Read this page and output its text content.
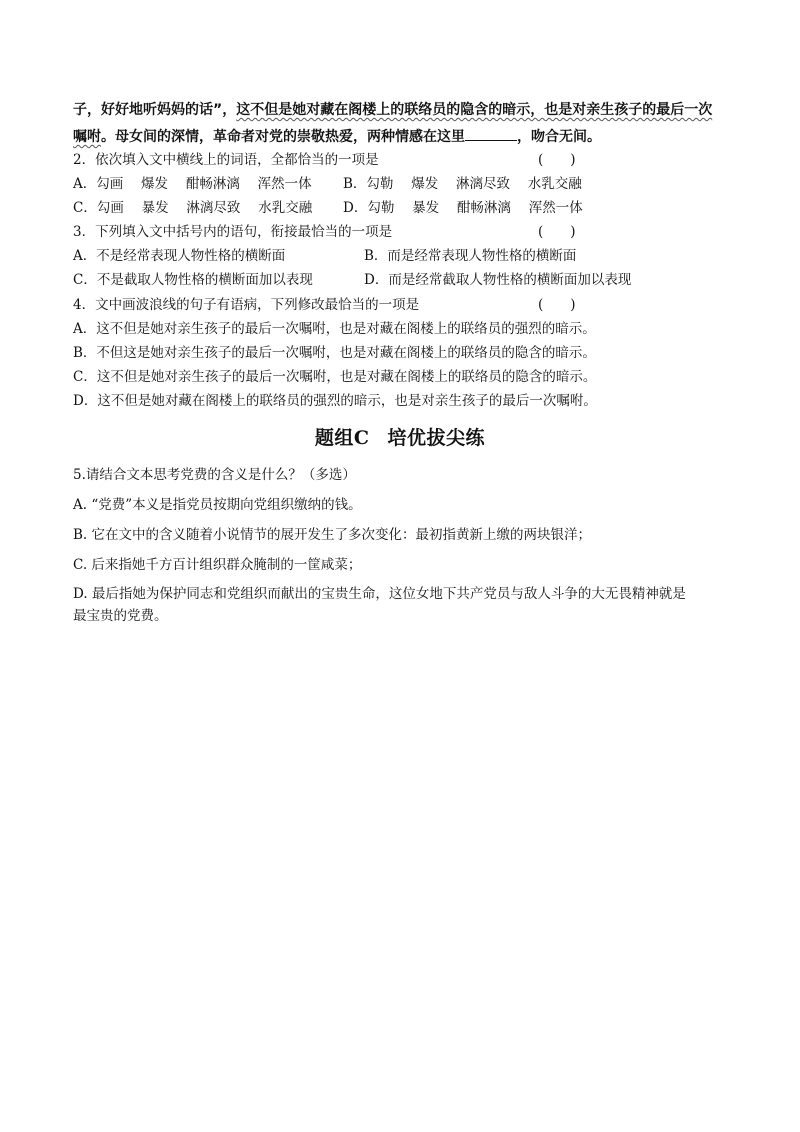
子，好好地听妈妈的话”，这不但是她对藏在阁楼上的联络员的隐含的暗示，也是对亲生孩子的最后一次
嘱咐。母女间的深情，革命者对党的崇敬热爱，两种情感在这里	，吻合无间。
2．依次填入文中横线上的词语，全都恰当的一项是	(　　)
A．勾画　 爆发　 酣畅淋漓　 浑然一体 B．勾勒　 爆发　 淋漓尽致　 水乳交融
C．勾画　 暴发　 淋漓尽致　 水乳交融 D．勾勒　 暴发　 酣畅淋漓　 浑然一体
3．下列填入文中括号内的语句，衔接最恰当的一项是	(　　)
A．不是经常表现人物性格的横断面	B．而是经常表现人物性格的横断面
C．不是截取人物性格的横断面加以表现	D．而是经常截取人物性格的横断面加以表现
4．文中画波浪线的句子有语病，下列修改最恰当的一项是	(　　)
A．这不但是她对亲生孩子的最后一次嘱咐，也是对藏在阁楼上的联络员的强烈的暗示。
B．不但这是她对亲生孩子的最后一次嘱咐，也是对藏在阁楼上的联络员的隐含的暗示。
C．这不但是她对亲生孩子的最后一次嘱咐，也是对藏在阁楼上的联络员的隐含的暗示。
D．这不但是她对藏在阁楼上的联络员的强烈的暗示，也是对亲生孩子的最后一次嘱咐。
题组C 培优拔尖练
5.请结合文本思考党费的含义是什么？（多选）
A. “党费”本义是指党员按期向党组织缴纳的钱。
B. 它在文中的含义随着小说情节的展开发生了多次变化：最初指黄新上缴的两块银洋；
C. 后来指她千方百计组织群众腌制的一筐咸菜；
D. 最后指她为保护同志和党组织而献出的宝贵生命，这位女地下共产党员与敌人斗争的大无畏精神就是
最宝贵的党费。
